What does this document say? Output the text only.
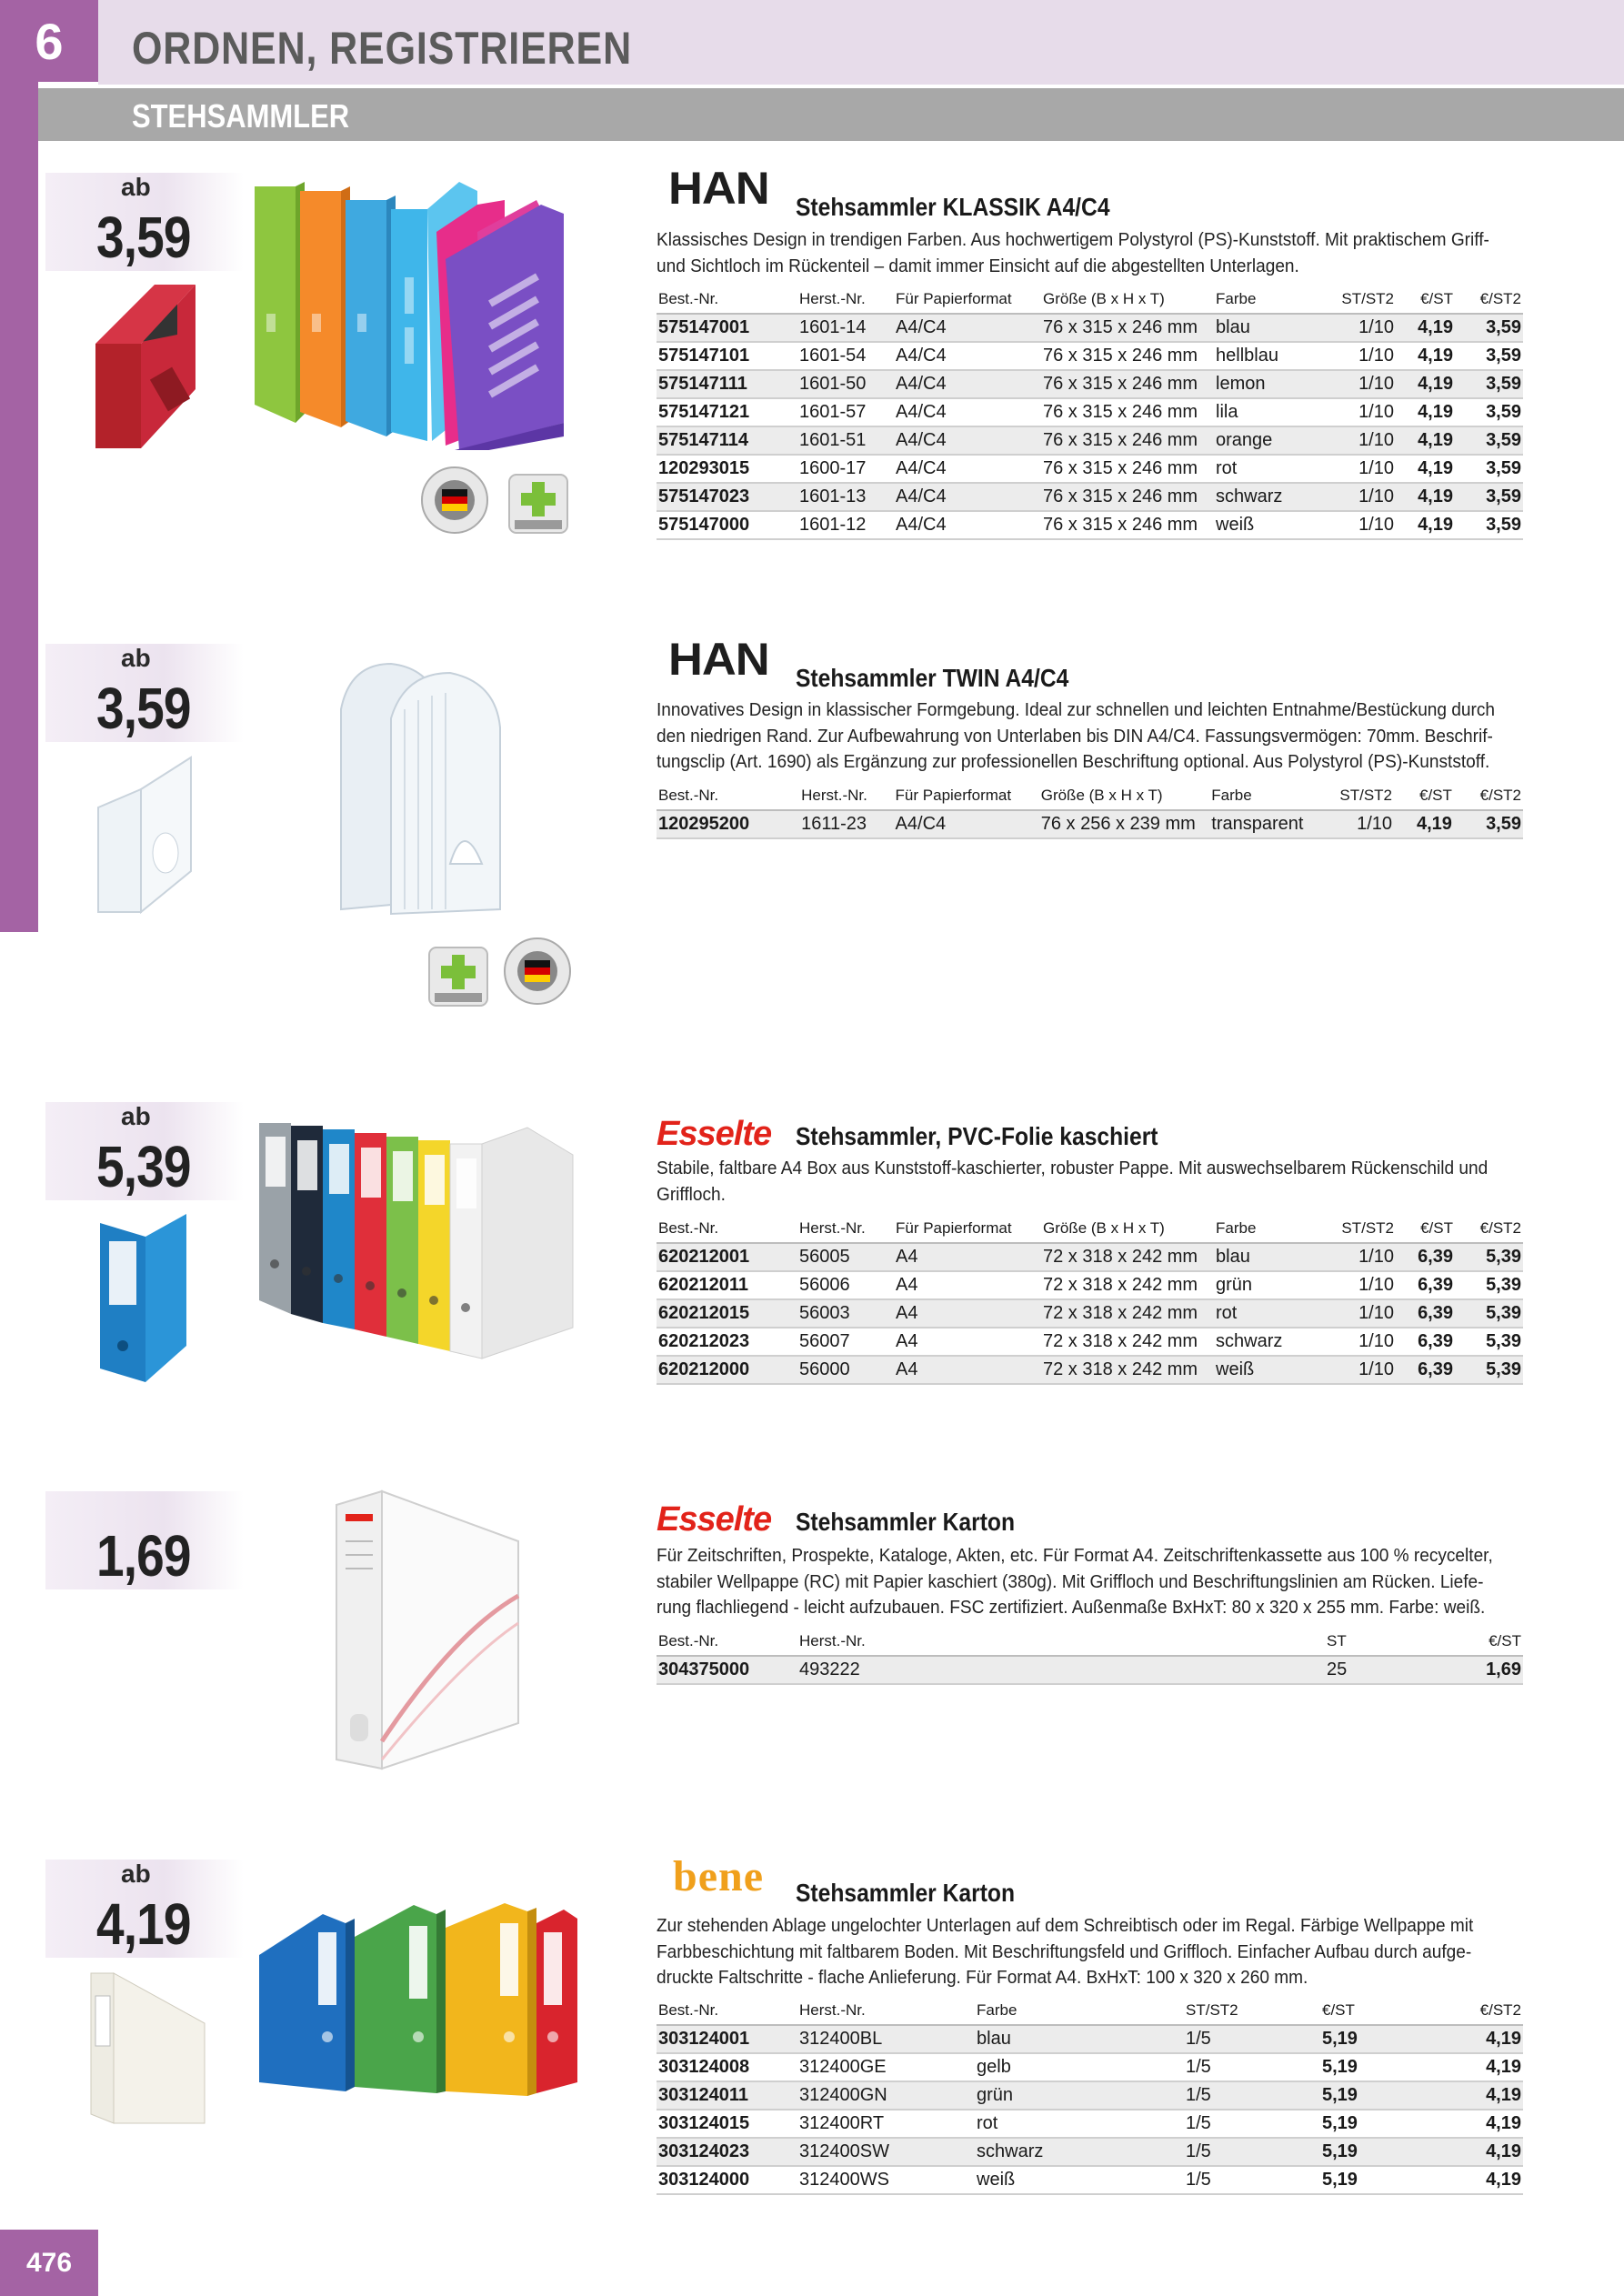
6	ORDNEN, REGISTRIEREN
STEHSAMMLER
ab
3,59
HAN Stehsammler KLASSIK A4/C4
Klassisches Design in trendigen Farben. Aus hochwertigem Polystyrol (PS)-Kunststoff. Mit praktischem Griff-
und Sichtloch im Rückenteil – damit immer Einsicht auf die abgestellten Unterlagen.
Best.-Nr.	Herst.-Nr.	Für Papierformat	Größe (B x H x T)	Farbe	ST/ST2	€/ST	€/ST2
575147001	1601-14	A4/C4	76 x 315 x 246 mm	blau	1/10	4,19	3,59
575147101	1601-54	A4/C4	76 x 315 x 246 mm	hellblau	1/10	4,19	3,59
575147111	1601-50	A4/C4	76 x 315 x 246 mm	lemon	1/10	4,19	3,59
575147121	1601-57	A4/C4	76 x 315 x 246 mm	lila	1/10	4,19	3,59
575147114	1601-51	A4/C4	76 x 315 x 246 mm	orange	1/10	4,19	3,59
120293015	1600-17	A4/C4	76 x 315 x 246 mm	rot	1/10	4,19	3,59
575147023	1601-13	A4/C4	76 x 315 x 246 mm	schwarz	1/10	4,19	3,59
575147000	1601-12	A4/C4	76 x 315 x 246 mm	weiß	1/10	4,19	3,59
ab
3,59
HAN Stehsammler TWIN A4/C4
Innovatives Design in klassischer Formgebung. Ideal zur schnellen und leichten Entnahme/Bestückung durch
den niedrigen Rand. Zur Aufbewahrung von Unterlaben bis DIN A4/C4. Fassungsvermögen: 70mm. Beschrif-
tungsclip (Art. 1690) als Ergänzung zur professionellen Beschriftung optional. Aus Polystyrol (PS)-Kunststoff.
Best.-Nr.	Herst.-Nr.	Für Papierformat	Größe (B x H x T)	Farbe	ST/ST2	€/ST	€/ST2
120295200	1611-23	A4/C4	76 x 256 x 239 mm	transparent	1/10	4,19	3,59
ab
5,39	Esselte Stehsammler, PVC-Folie kaschiert
Stabile, faltbare A4 Box aus Kunststoff-kaschierter, robuster Pappe. Mit auswechselbarem Rückenschild und
Griffloch.
Best.-Nr.	Herst.-Nr.	Für Papierformat	Größe (B x H x T)	Farbe	ST/ST2	€/ST	€/ST2
620212001	56005	A4	72 x 318 x 242 mm	blau	1/10	6,39	5,39
620212011	56006	A4	72 x 318 x 242 mm	grün	1/10	6,39	5,39
620212015	56003	A4	72 x 318 x 242 mm	rot	1/10	6,39	5,39
620212023	56007	A4	72 x 318 x 242 mm	schwarz	1/10	6,39	5,39
620212000	56000	A4	72 x 318 x 242 mm	weiß	1/10	6,39	5,39
1,69
Esselte Stehsammler Karton
Für Zeitschriften, Prospekte, Kataloge, Akten, etc. Für Format A4. Zeitschriftenkassette aus 100 % recycelter,
stabiler Wellpappe (RC) mit Papier kaschiert (380g). Mit Griffloch und Beschriftungslinien am Rücken. Liefe-
rung flachliegend - leicht aufzubauen. FSC zertifiziert. Außenmaße BxHxT: 80 x 320 x 255 mm. Farbe: weiß.
Best.-Nr.	Herst.-Nr.	ST	€/ST
304375000	493222	25	1,69
ab
4,19
bene Stehsammler Karton
Zur stehenden Ablage ungelochter Unterlagen auf dem Schreibtisch oder im Regal. Färbige Wellpappe mit
Farbbeschichtung mit faltbarem Boden. Mit Beschriftungsfeld und Griffloch. Einfacher Aufbau durch aufge-
druckte Faltschritte - flache Anlieferung. Für Format A4. BxHxT: 100 x 320 x 260 mm.
Best.-Nr.	Herst.-Nr.	Farbe	ST/ST2	€/ST	€/ST2
303124001	312400BL	blau	1/5	5,19	4,19
303124008	312400GE	gelb	1/5	5,19	4,19
303124011	312400GN	grün	1/5	5,19	4,19
303124015	312400RT	rot	1/5	5,19	4,19
303124023	312400SW	schwarz	1/5	5,19	4,19
303124000	312400WS	weiß	1/5	5,19	4,19
476
